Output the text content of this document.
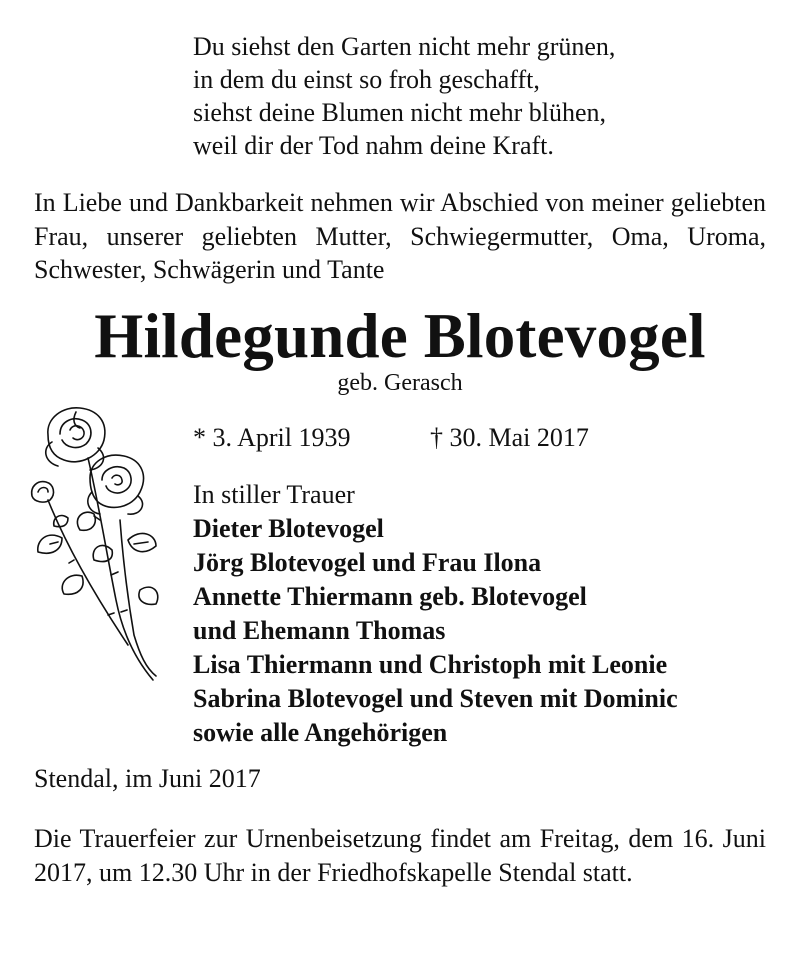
Du siehst den Garten nicht mehr grünen,
in dem du einst so froh geschafft,
siehst deine Blumen nicht mehr blühen,
weil dir der Tod nahm deine Kraft.
In Liebe und Dankbarkeit nehmen wir Abschied von meiner geliebten Frau, unserer geliebten Mutter, Schwiegermutter, Oma, Uroma, Schwester, Schwägerin und Tante
Hildegunde Blotevogel
geb. Gerasch
* 3. April 1939	† 30. Mai 2017
In stiller Trauer
Dieter Blotevogel
Jörg Blotevogel und Frau Ilona
Annette Thiermann geb. Blotevogel
und Ehemann Thomas
Lisa Thiermann und Christoph mit Leonie
Sabrina Blotevogel und Steven mit Dominic
sowie alle Angehörigen
Stendal, im Juni 2017
Die Trauerfeier zur Urnenbeisetzung findet am Freitag, dem 16. Juni 2017, um 12.30 Uhr in der Friedhofskapelle Stendal statt.
